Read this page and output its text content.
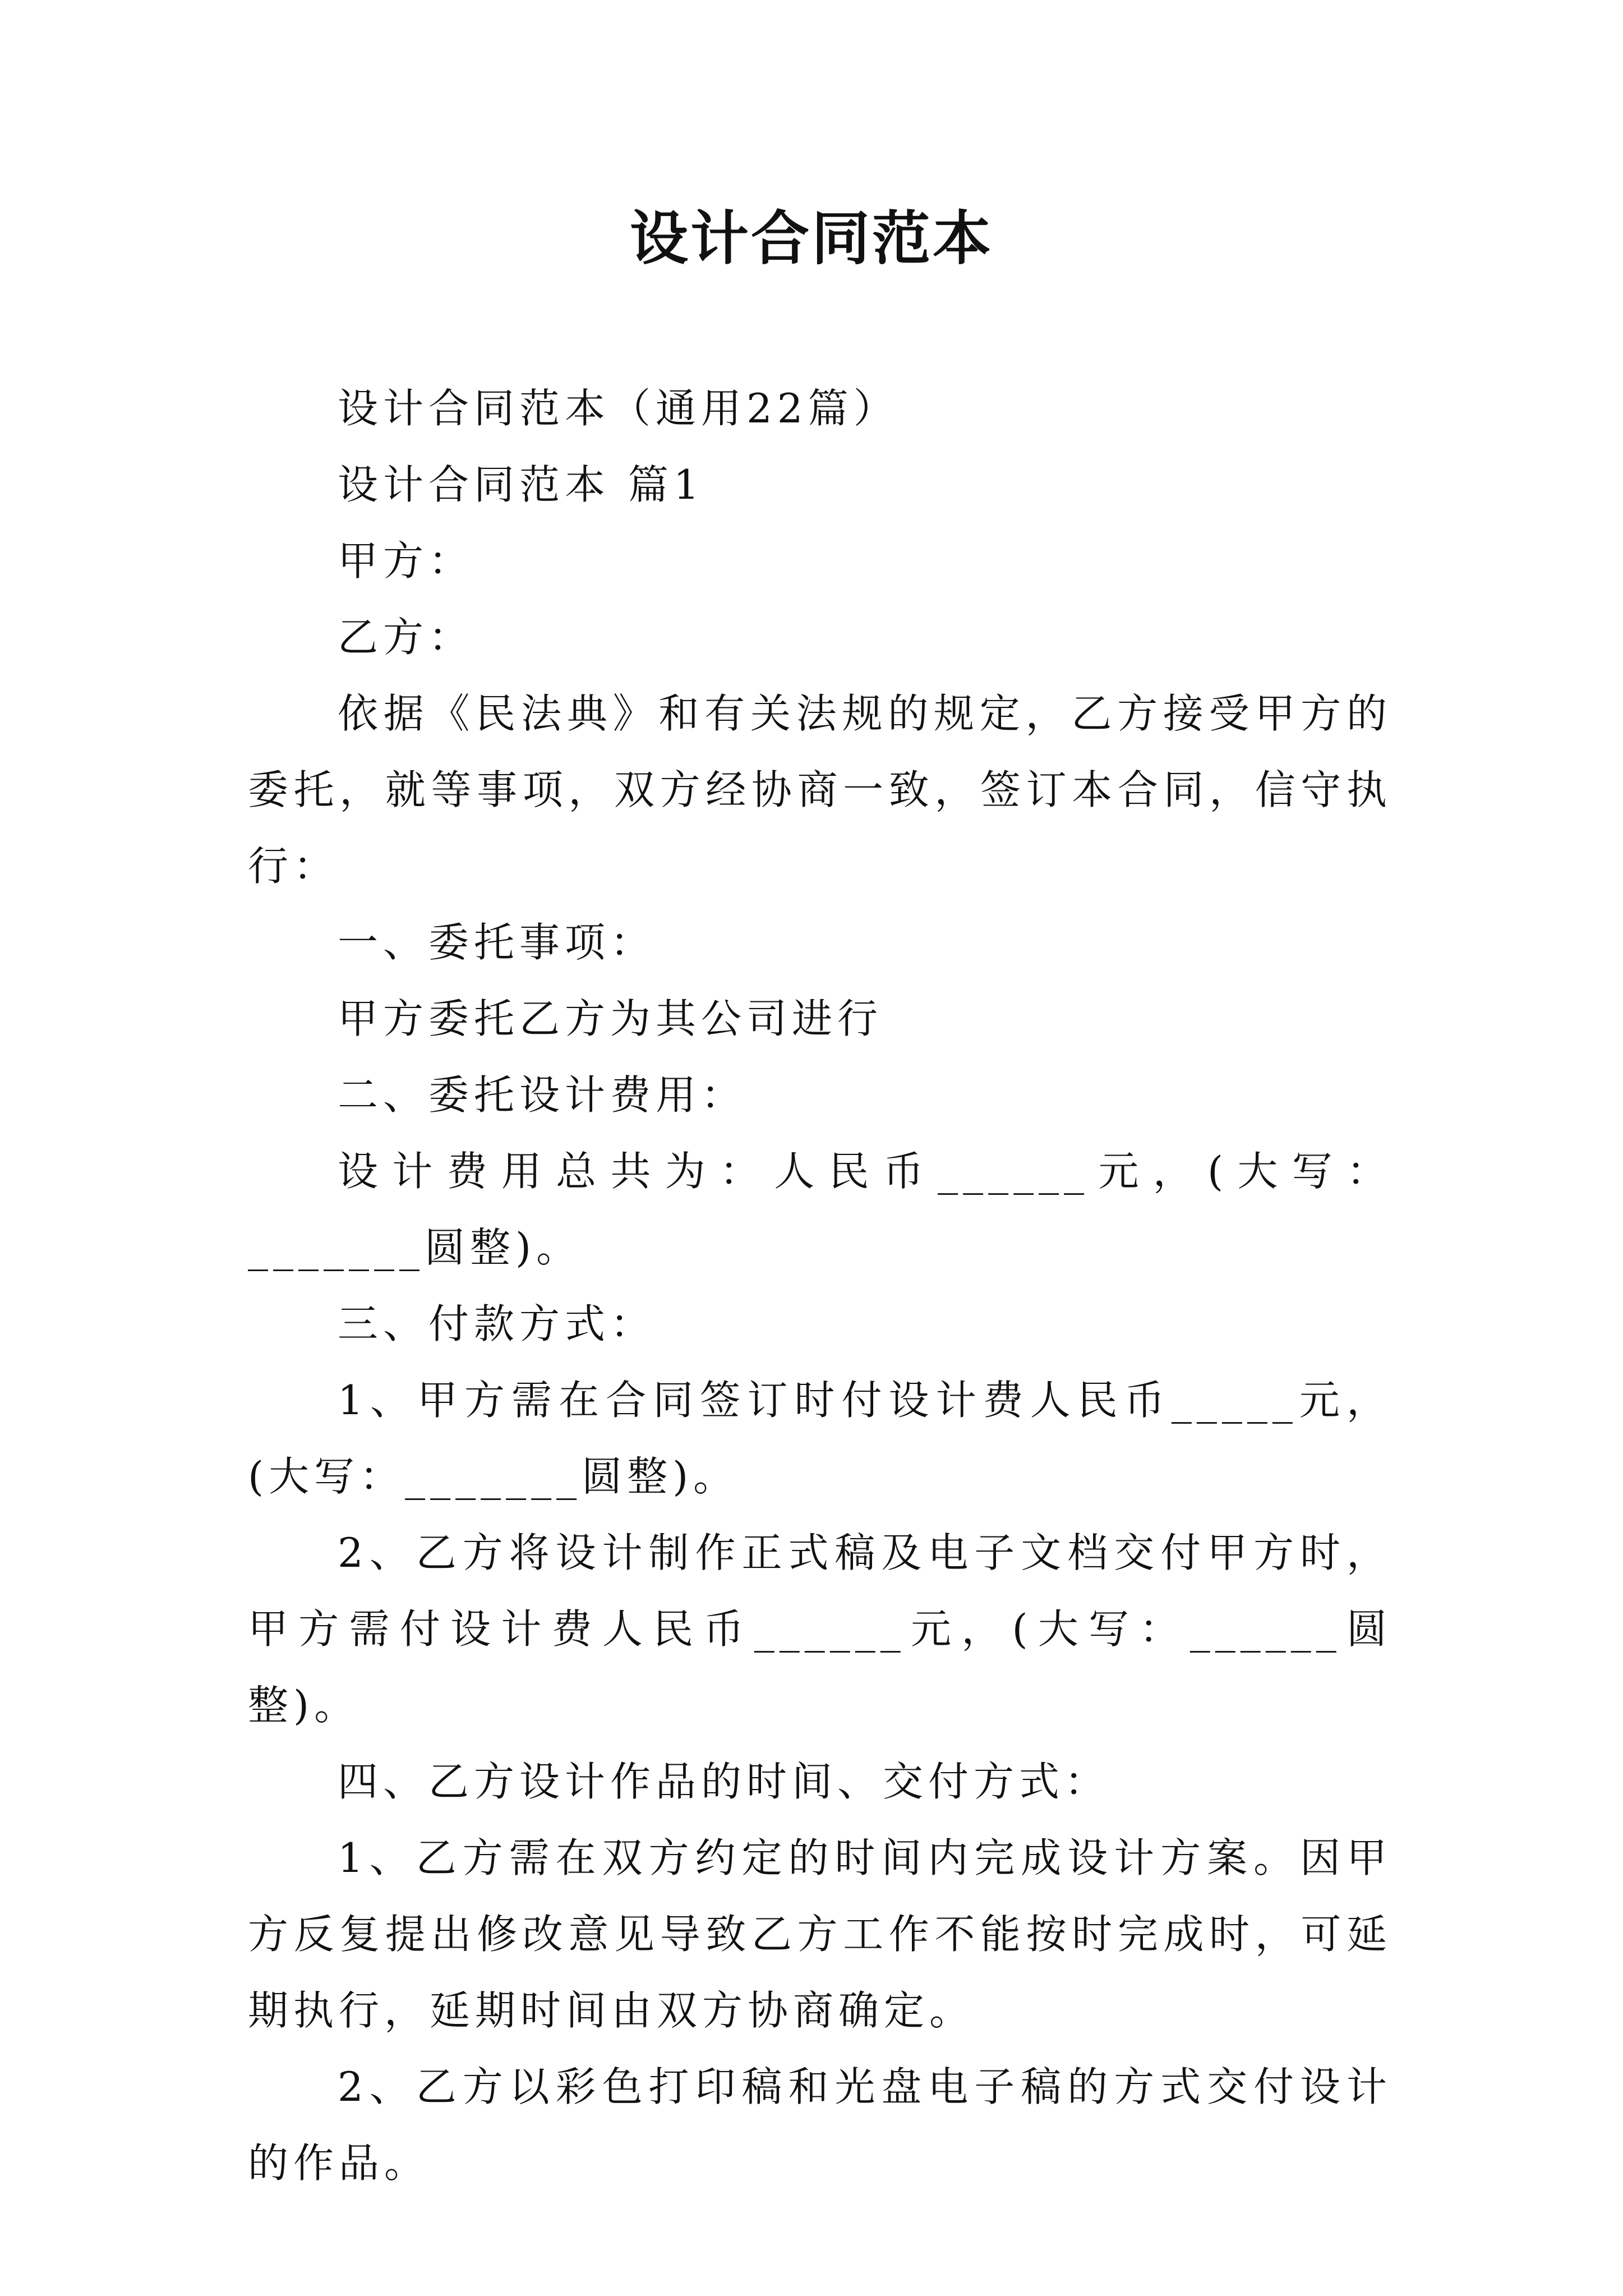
设计合同范本

设计合同范本（通用22篇）

设计合同范本 篇1

甲方：

乙方：

依据《民法典》和有关法规的规定，乙方接受甲方的委托，就等事项，双方经协商一致，签订本合同，信守执行：

一、委托事项：

甲方委托乙方为其公司进行

二、委托设计费用：

设计费用总共为：人民币______元，(大写：_______圆整)。

三、付款方式：

1、甲方需在合同签订时付设计费人民币_____元，(大写：_______圆整)。

2、乙方将设计制作正式稿及电子文档交付甲方时，甲方需付设计费人民币______元，(大写：______圆整)。

四、乙方设计作品的时间、交付方式：

1、乙方需在双方约定的时间内完成设计方案。因甲方反复提出修改意见导致乙方工作不能按时完成时，可延期执行，延期时间由双方协商确定。

2、乙方以彩色打印稿和光盘电子稿的方式交付设计的作品。
